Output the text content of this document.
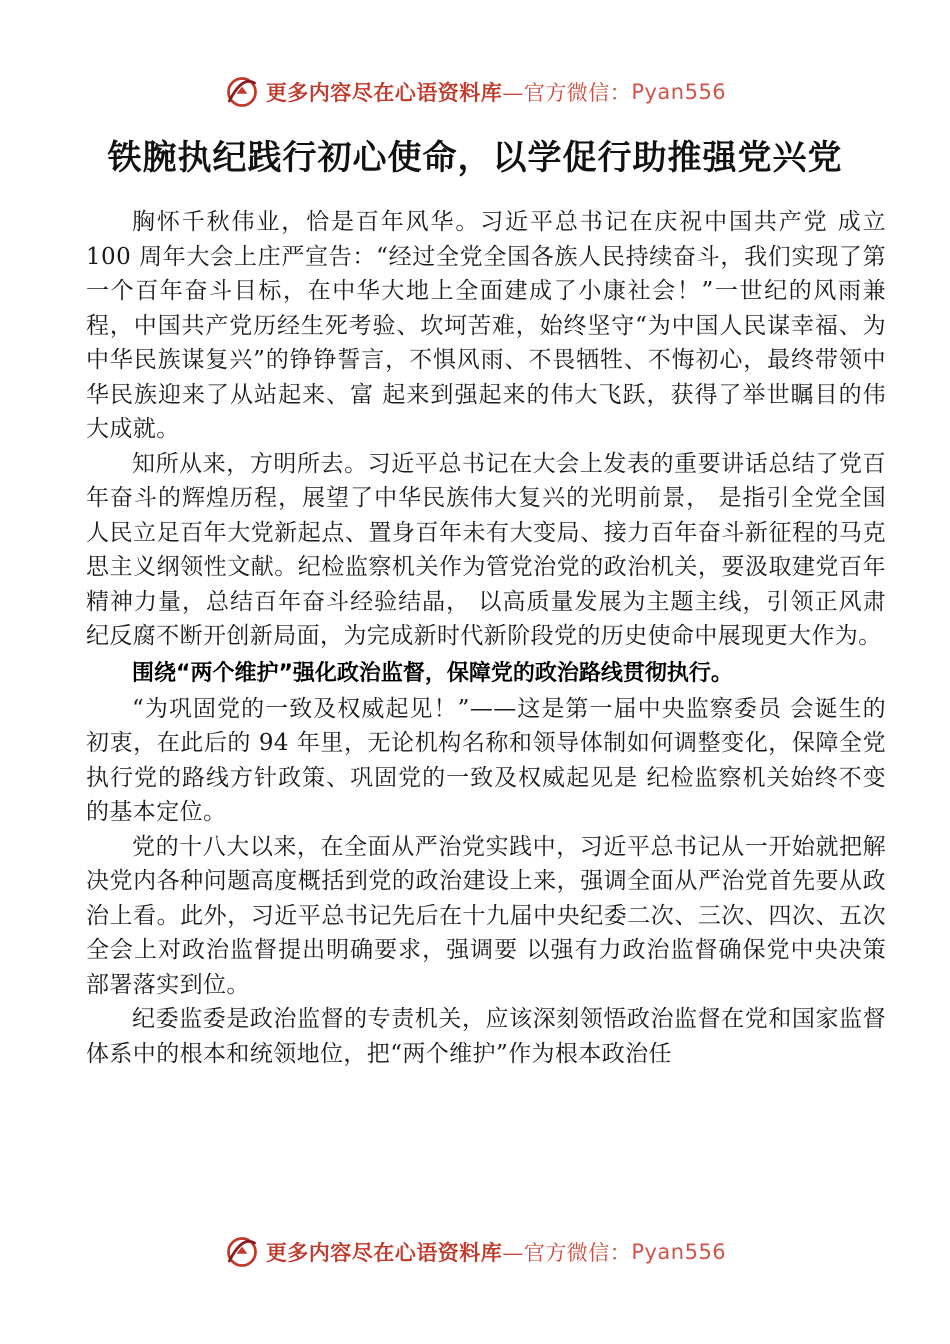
更多内容尽在心语资料库 —官方微信： Pyan556
铁腕执纪践行初心使命，以学促行助推强党兴党

胸怀千秋伟业，恰是百年风华。习近平总书记在庆祝中国共产党 成立 100 周年大会上庄严宣告：“经过全党全国各族人民持续奋斗，我们实现了第一个百年奋斗目标，在中华大地上全面建成了小康社会！”一世纪的风雨兼程，中国共产党历经生死考验、坎坷苦难，始终坚守“为中国人民谋幸福、为中华民族谋复兴”的铮铮誓言，不惧风雨、不畏牺牲、不悔初心，最终带领中华民族迎来了从站起来、富 起来到强起来的伟大飞跃，获得了举世瞩目的伟大成就。

知所从来，方明所去。习近平总书记在大会上发表的重要讲话总结了党百年奋斗的辉煌历程，展望了中华民族伟大复兴的光明前景， 是指引全党全国人民立足百年大党新起点、置身百年未有大变局、接力百年奋斗新征程的马克思主义纲领性文献。纪检监察机关作为管党治党的政治机关，要汲取建党百年精神力量，总结百年奋斗经验结晶， 以高质量发展为主题主线，引领正风肃纪反腐不断开创新局面，为完成新时代新阶段党的历史使命中展现更大作为。

围绕“两个维护”强化政治监督，保障党的政治路线贯彻执行。

“为巩固党的一致及权威起见！”——这是第一届中央监察委员 会诞生的初衷，在此后的 94 年里，无论机构名称和领导体制如何调整变化，保障全党执行党的路线方针政策、巩固党的一致及权威起见是 纪检监察机关始终不变的基本定位。

党的十八大以来，在全面从严治党实践中，习近平总书记从一开始就把解决党内各种问题高度概括到党的政治建设上来，强调全面从严治党首先要从政治上看。此外，习近平总书记先后在十九届中央纪委二次、三次、四次、五次全会上对政治监督提出明确要求，强调要 以强有力政治监督确保党中央决策部署落实到位。

纪委监委是政治监督的专责机关，应该深刻领悟政治监督在党和国家监督体系中的根本和统领地位，把“两个维护”作为根本政治任

更多内容尽在心语资料库 —官方微信： Pyan556
